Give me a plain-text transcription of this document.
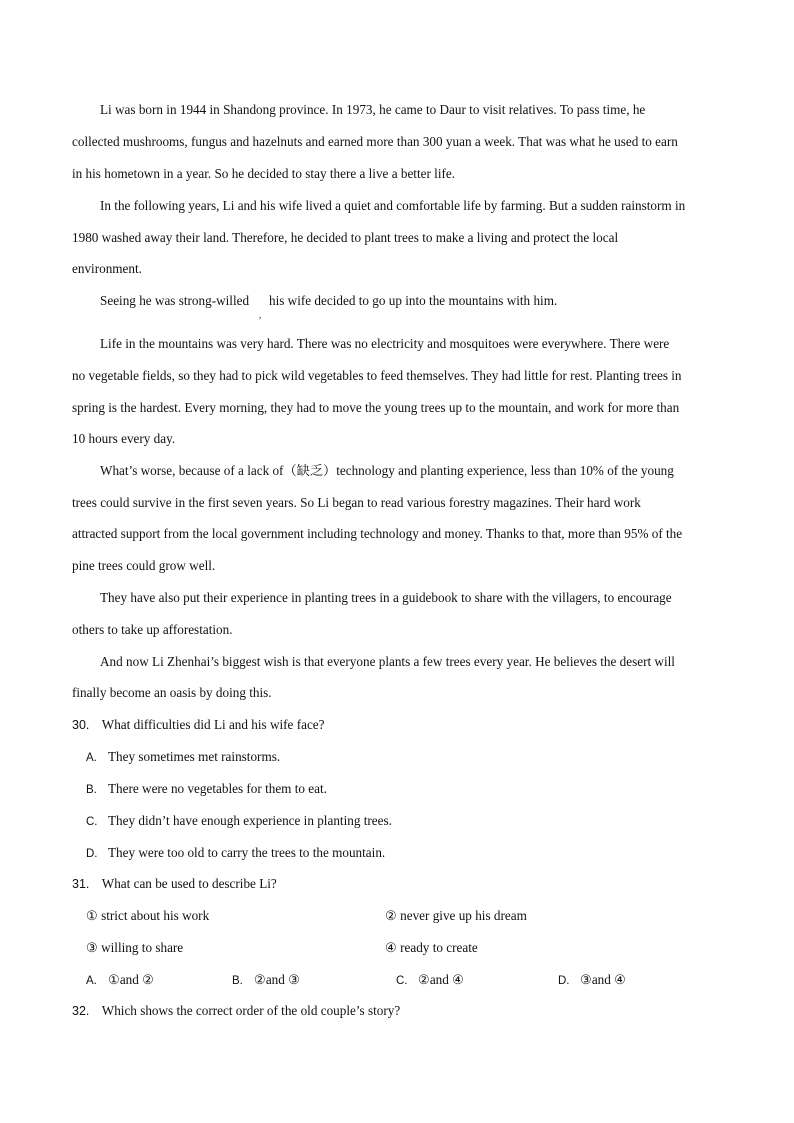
Li was born in 1944 in Shandong province. In 1973, he came to Daur to visit relatives. To pass time, he
collected mushrooms, fungus and hazelnuts and earned more than 300 yuan a week. That was what he used to earn
in his hometown in a year. So he decided to stay there a live a better life.
In the following years, Li and his wife lived a quiet and comfortable life by farming. But a sudden rainstorm in
1980 washed away their land. Therefore, he decided to plant trees to make a living and protect the local
environment.
Seeing he was strong-willed
,
his wife decided to go up into the mountains with him.
Life in the mountains was very hard. There was no electricity and mosquitoes were everywhere. There were
no vegetable fields, so they had to pick wild vegetables to feed themselves. They had little for rest. Planting trees in
spring is the hardest. Every morning, they had to move the young trees up to the mountain, and work for more than
10 hours every day.
What’s worse, because of a lack of（缺乏）technology and planting experience, less than 10% of the young
trees could survive in the first seven years. So Li began to read various forestry magazines. Their hard work
attracted support from the local government including technology and money. Thanks to that, more than 95% of the
pine trees could grow well.
They have also put their experience in planting trees in a guidebook to share with the villagers, to encourage
others to take up afforestation.
And now Li Zhenhai’s biggest wish is that everyone plants a few trees every year. He believes the desert will
finally become an oasis by doing this.
30. What difficulties did Li and his wife face?
A. They sometimes met rainstorms.
B. There were no vegetables for them to eat.
C. They didn’t have enough experience in planting trees.
D. They were too old to carry the trees to the mountain.
31. What can be used to describe Li?
① strict about his work	② never give up his dream
③ willing to share	④ ready to create
A. ①and ②	B. ②and ③	C. ②and ④	D. ③and ④
32. Which shows the correct order of the old couple’s story?
